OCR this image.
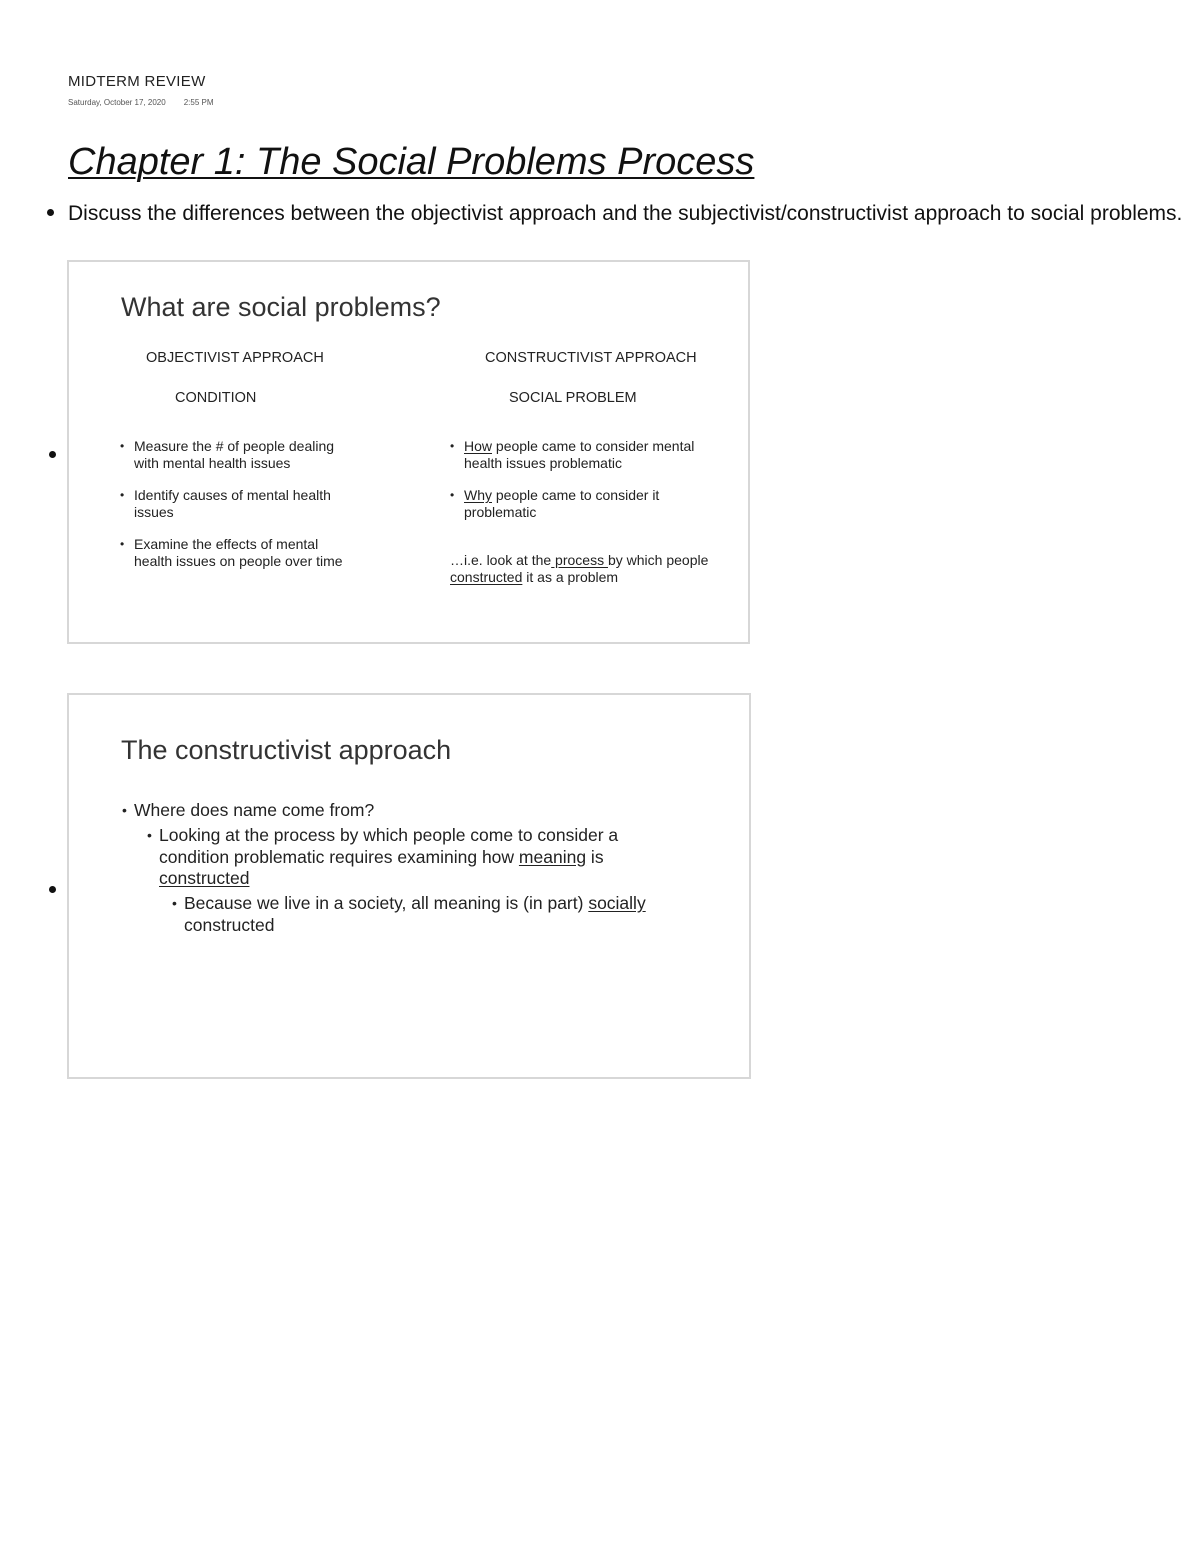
MIDTERM REVIEW
Saturday, October 17, 2020 2:55 PM
Chapter 1: The Social Problems Process
Discuss the differences between the objectivist approach and the subjectivist/constructivist approach to social problems.
What are social problems?
OBJECTIVIST APPROACH
CONDITION
CONSTRUCTIVIST APPROACH
SOCIAL PROBLEM
• Measure the # of people dealing with mental health issues
• Identify causes of mental health issues
• Examine the effects of mental health issues on people over time
• How people came to consider mental health issues problematic
• Why people came to consider it problematic
…i.e. look at the process by which people constructed it as a problem
The constructivist approach
• Where does name come from?
• Looking at the process by which people come to consider a condition problematic requires examining how meaning is
constructed
• Because we live in a society, all meaning is (in part) socially constructed
